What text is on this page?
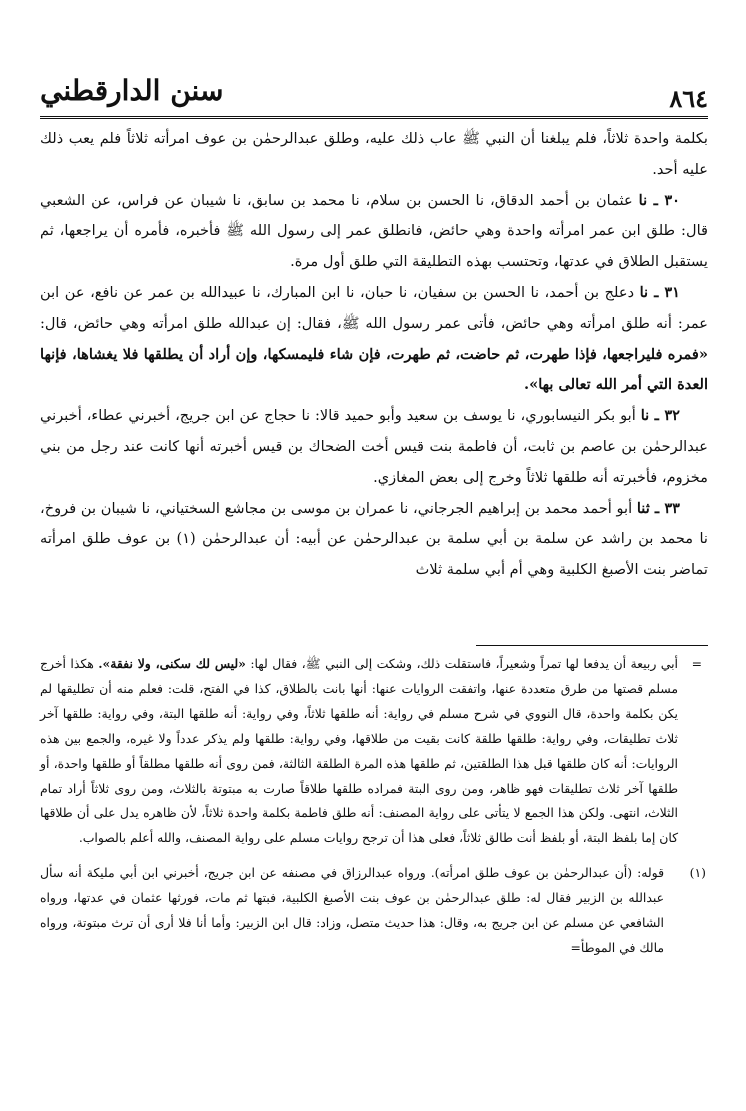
٨٦٤
سنن الدارقطني

بكلمة واحدة ثلاثاً، فلم يبلغنا أن النبي ﷺ عاب ذلك عليه، وطلق عبدالرحمٰن بن عوف امرأته ثلاثاً فلم يعب ذلك عليه أحد.

٣٠ ـ نا عثمان بن أحمد الدقاق، نا الحسن بن سلام، نا محمد بن سابق، نا شيبان عن فراس، عن الشعبي قال: طلق ابن عمر امرأته واحدة وهي حائض، فانطلق عمر إلى رسول الله ﷺ فأخبره، فأمره أن يراجعها، ثم يستقبل الطلاق في عدتها، وتحتسب بهذه التطليقة التي طلق أول مرة.

٣١ ـ نا دعلج بن أحمد، نا الحسن بن سفيان، نا حبان، نا ابن المبارك، نا عبيدالله بن عمر عن نافع، عن ابن عمر: أنه طلق امرأته وهي حائض، فأتى عمر رسول الله ﷺ، فقال: إن عبدالله طلق امرأته وهي حائض، قال: «فمره فليراجعها، فإذا طهرت، ثم حاضت، ثم طهرت، فإن شاء فليمسكها، وإن أراد أن يطلقها فلا يغشاها، فإنها العدة التي أمر الله تعالى بها».

٣٢ ـ نا أبو بكر النيسابوري، نا يوسف بن سعيد وأبو حميد قالا: نا حجاج عن ابن جريج، أخبرني عطاء، أخبرني عبدالرحمٰن بن عاصم بن ثابت، أن فاطمة بنت قيس أخت الضحاك بن قيس أخبرته أنها كانت عند رجل من بني مخزوم، فأخبرته أنه طلقها ثلاثاً وخرج إلى بعض المغازي.

٣٣ ـ ثنا أبو أحمد محمد بن إبراهيم الجرجاني، نا عمران بن موسى بن مجاشع السختياني، نا شيبان بن فروخ، نا محمد بن راشد عن سلمة بن أبي سلمة بن عبدالرحمٰن عن أبيه: أن عبدالرحمٰن (١) بن عوف طلق امرأته تماضر بنت الأصبغ الكلبية وهي أم أبي سلمة ثلاث

=
أبي ربيعة أن يدفعا لها تمراً وشعيراً، فاستقلت ذلك، وشكت إلى النبي ﷺ، فقال لها: «ليس لك سكنى، ولا نفقة». هكذا أخرج مسلم قصتها من طرق متعددة عنها، واتفقت الروايات عنها: أنها بانت بالطلاق، كذا في الفتح، قلت: فعلم منه أن تطليقها لم يكن بكلمة واحدة، قال النووي في شرح مسلم في رواية: أنه طلقها ثلاثاً، وفي رواية: أنه طلقها البتة، وفي رواية: طلقها آخر ثلاث تطليقات، وفي رواية: طلقها طلقة كانت بقيت من طلاقها، وفي رواية: طلقها ولم يذكر عدداً ولا غيره، والجمع بين هذه الروايات: أنه كان طلقها قبل هذا الطلقتين، ثم طلقها هذه المرة الطلقة الثالثة، فمن روى أنه طلقها مطلقاً أو طلقها واحدة، أو طلقها آخر ثلاث تطليقات فهو ظاهر، ومن روى البتة فمراده طلقها طلاقاً صارت به مبتوتة بالثلاث، ومن روى ثلاثاً أراد تمام الثلاث، انتهى. ولكن هذا الجمع لا يتأتى على رواية المصنف: أنه طلق فاطمة بكلمة واحدة ثلاثاً، لأن ظاهره يدل على أن طلاقها كان إما بلفظ البتة، أو بلفظ أنت طالق ثلاثاً، فعلى هذا أن ترجح روايات مسلم على رواية المصنف، والله أعلم بالصواب.

(١)
قوله: (أن عبدالرحمٰن بن عوف طلق امرأته). ورواه عبدالرزاق في مصنفه عن ابن جريج، أخبرني ابن أبي مليكة أنه سأل عبدالله بن الزبير فقال له: طلق عبدالرحمٰن بن عوف بنت الأصبغ الكلبية، فبتها ثم مات، فورثها عثمان في عدتها، ورواه الشافعي عن مسلم عن ابن جريج به، وقال: هذا حديث متصل، وزاد: قال ابن الزبير: وأما أنا فلا أرى أن ترث مبتوتة، ورواه مالك في الموطأ=
